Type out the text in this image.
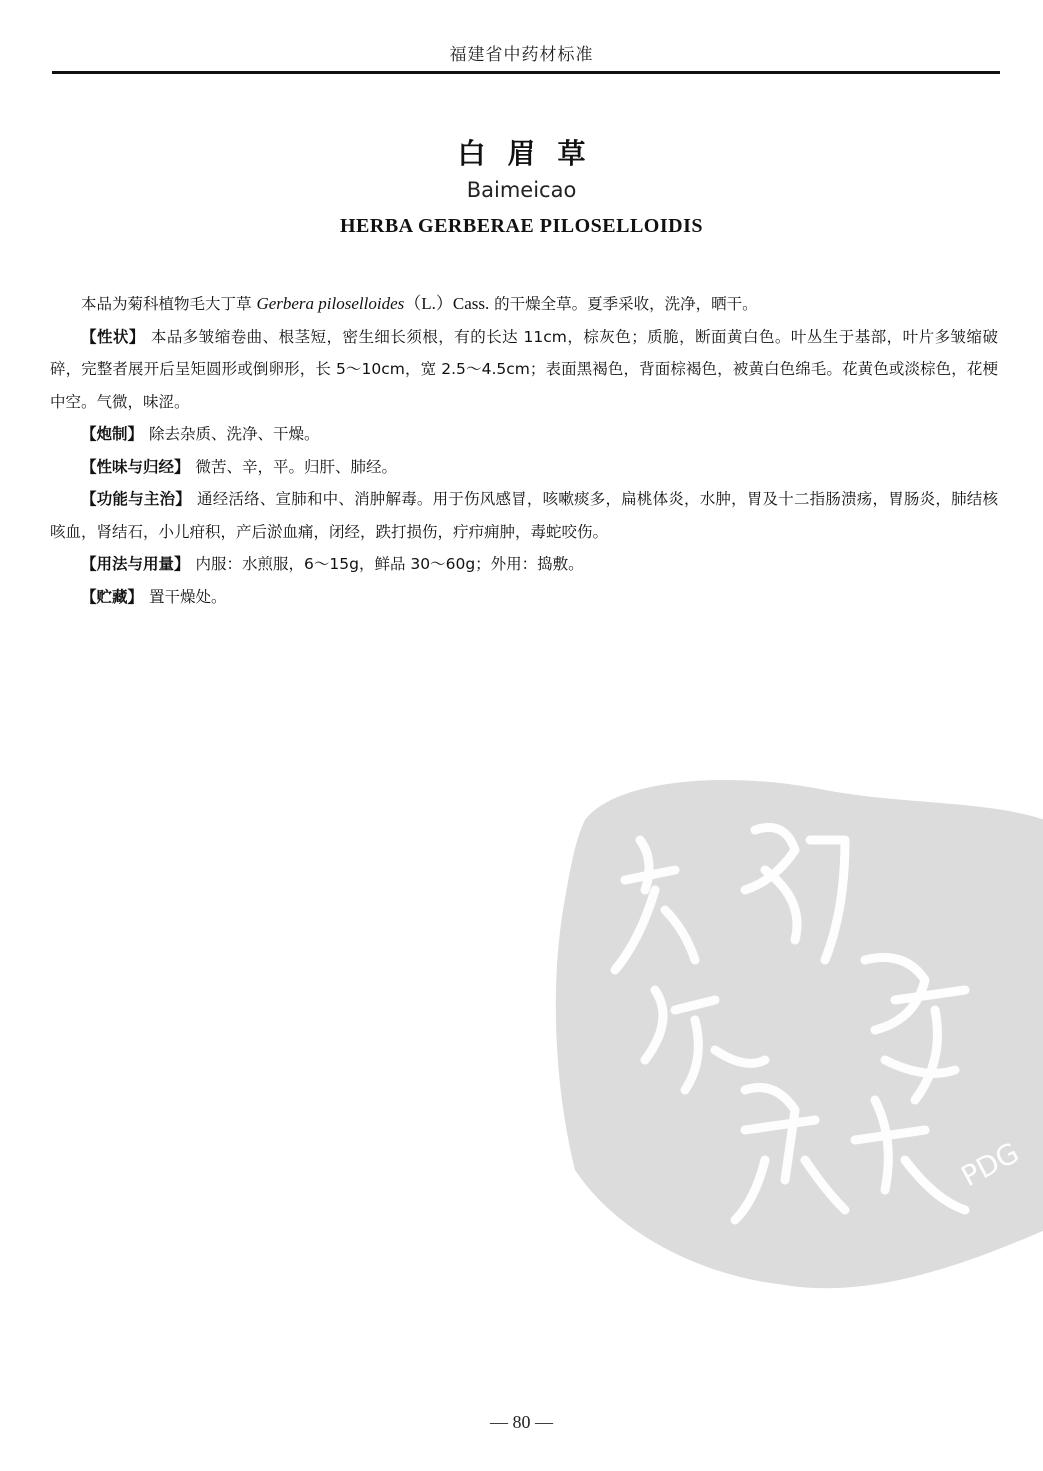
福建省中药材标准
白眉草
Baimeicao
HERBA GERBERAE PILOSELLOIDIS

本品为菊科植物毛大丁草 Gerbera piloselloides（L.）Cass. 的干燥全草。夏季采收，洗净，晒干。

【性状】 本品多皱缩卷曲、根茎短，密生细长须根，有的长达 11cm，棕灰色；质脆，断面黄白色。叶丛生于基部，叶片多皱缩破碎，完整者展开后呈矩圆形或倒卵形，长 5～10cm，宽 2.5～4.5cm；表面黑褐色，背面棕褐色，被黄白色绵毛。花黄色或淡棕色，花梗中空。气微，味涩。

【炮制】 除去杂质、洗净、干燥。

【性味与归经】 微苦、辛，平。归肝、肺经。

【功能与主治】 通经活络、宣肺和中、消肿解毒。用于伤风感冒，咳嗽痰多，扁桃体炎，水肿，胃及十二指肠溃疡，胃肠炎，肺结核咳血，肾结石，小儿疳积，产后淤血痛，闭经，跌打损伤，疔疖痈肿，毒蛇咬伤。

【用法与用量】 内服：水煎服，6～15g，鲜品 30～60g；外用：捣敷。

【贮藏】 置干燥处。

PDG
— 80 —
